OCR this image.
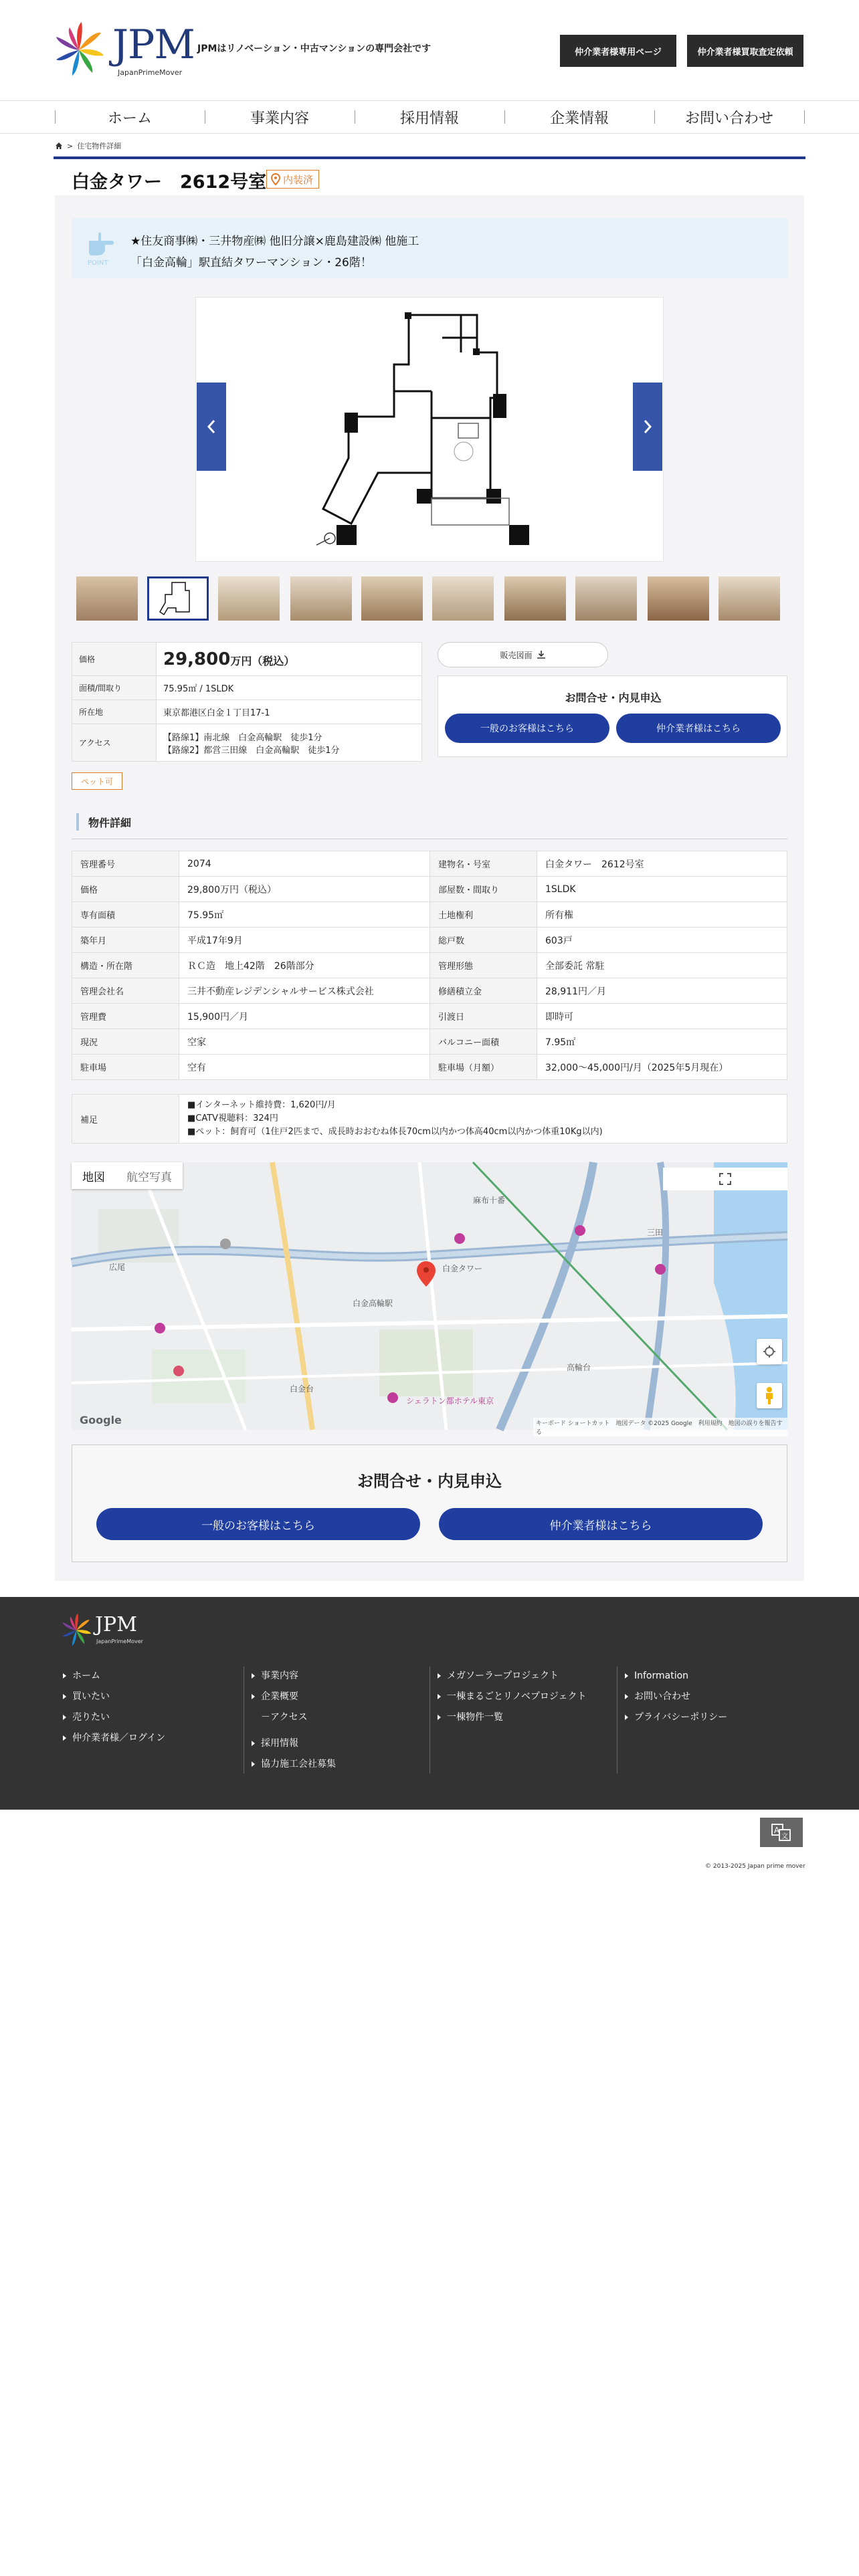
JPM
JapanPrimeMover
JPMはリノベーション・中古マンションの専門会社です	仲介業者様専用ページ	仲介業者様買取査定依頼
ホーム	事業内容	採用情報	企業情報	お問い合わせ
> 住宅物件詳細
白金タワー　2612号室 内装済
POINT
★住友商事㈱・三井物産㈱ 他旧分譲×鹿島建設㈱ 他施工
「白金高輪」駅直結タワーマンション・26階！
価格	29,800万円（税込）
面積/間取り	75.95㎡ / 1SLDK
所在地	東京都港区白金１丁目17-1
アクセス	【路線1】南北線　白金高輪駅　徒歩1分
【路線2】都営三田線　白金高輪駅　徒歩1分
ペット可
販売図面
お問合せ・内見申込
一般のお客様はこちら	仲介業者様はこちら
物件詳細
管理番号	2074	建物名・号室	白金タワー　2612号室
価格	29,800万円（税込）	部屋数・間取り	1SLDK
専有面積	75.95㎡	土地権利	所有権
築年月	平成17年9月	総戸数	603戸
構造・所在階	ＲＣ造　地上42階　26階部分	管理形態	全部委託 常駐
管理会社名	三井不動産レジデンシャルサービス株式会社	修繕積立金	28,911円／月
管理費	15,900円／月	引渡日	即時可
現況	空家	バルコニー面積	7.95㎡
駐車場	空有	駐車場（月額）	32,000～45,000円/月（2025年5月現在）
補足	
■インターネット維持費：1,620円/月
■CATV視聴料：324円
■ペット：飼育可（1住戸2匹まで、成長時おおむね体長70cm以内かつ体高40cm以内かつ体重10Kg以内)
白金高輪駅
白金タワー
シェラトン都ホテル東京
白金台
広尾
三田
麻布十番
高輪台
地図	航空写真
Google	キーボード ショートカット　地図データ ©2025 Google　利用規約　地図の誤りを報告する
お問合せ・内見申込
一般のお客様はこちら	仲介業者様はこちら
JPM
JapanPrimeMover
ホーム
買いたい
売りたい
仲介業者様／ログイン
事業内容
企業概要
－アクセス
採用情報
協力施工会社募集
メガソーラープロジェクト
一棟まるごとリノベプロジェクト
一棟物件一覧
Information
お問い合わせ
プライバシーポリシー
A
文
© 2013-2025 Japan prime mover
